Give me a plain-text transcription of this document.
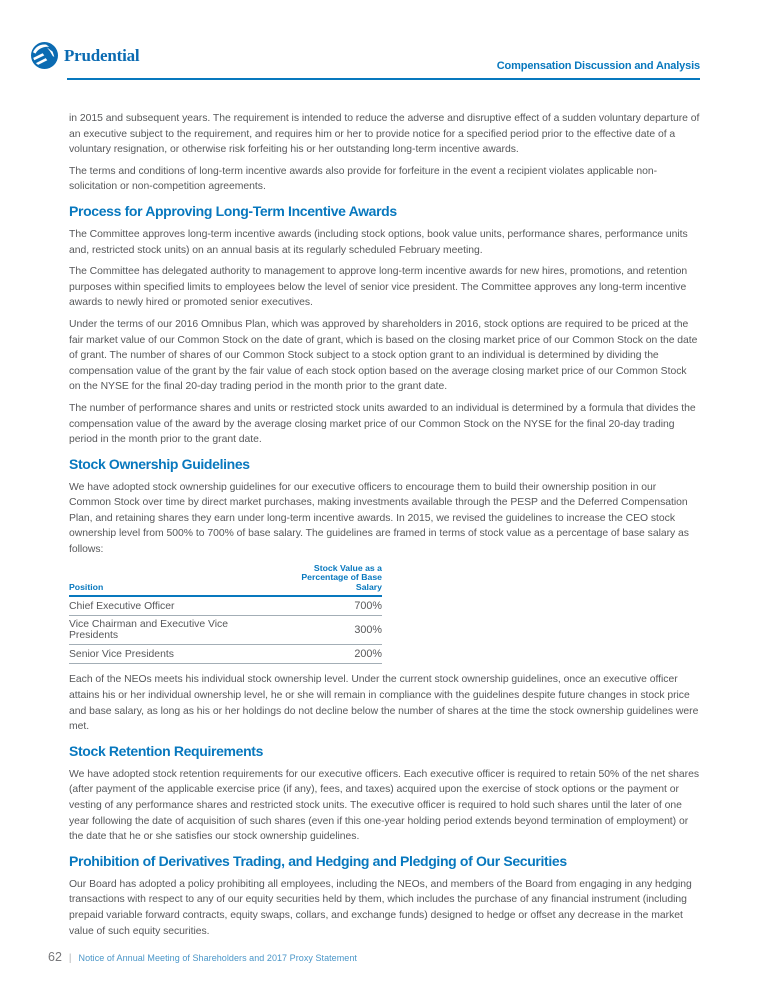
Prudential
Compensation Discussion and Analysis

in 2015 and subsequent years. The requirement is intended to reduce the adverse and disruptive effect of a sudden voluntary departure of an executive subject to the requirement, and requires him or her to provide notice for a specified period prior to the effective date of a voluntary resignation, or otherwise risk forfeiting his or her outstanding long-term incentive awards.

The terms and conditions of long-term incentive awards also provide for forfeiture in the event a recipient violates applicable non-solicitation or non-competition agreements.

Process for Approving Long-Term Incentive Awards

The Committee approves long-term incentive awards (including stock options, book value units, performance shares, performance units and, restricted stock units) on an annual basis at its regularly scheduled February meeting.

The Committee has delegated authority to management to approve long-term incentive awards for new hires, promotions, and retention purposes within specified limits to employees below the level of senior vice president. The Committee approves any long-term incentive awards to newly hired or promoted senior executives.

Under the terms of our 2016 Omnibus Plan, which was approved by shareholders in 2016, stock options are required to be priced at the fair market value of our Common Stock on the date of grant, which is based on the closing market price of our Common Stock on the date of grant. The number of shares of our Common Stock subject to a stock option grant to an individual is determined by dividing the compensation value of the grant by the fair value of each stock option based on the average closing market price of our Common Stock on the NYSE for the final 20-day trading period in the month prior to the grant date.

The number of performance shares and units or restricted stock units awarded to an individual is determined by a formula that divides the compensation value of the award by the average closing market price of our Common Stock on the NYSE for the final 20-day trading period in the month prior to the grant date.

Stock Ownership Guidelines

We have adopted stock ownership guidelines for our executive officers to encourage them to build their ownership position in our Common Stock over time by direct market purchases, making investments available through the PESP and the Deferred Compensation Plan, and retaining shares they earn under long-term incentive awards. In 2015, we revised the guidelines to increase the CEO stock ownership level from 500% to 700% of base salary. The guidelines are framed in terms of stock value as a percentage of base salary as follows:

Position	Stock Value as a
Percentage of Base Salary

Chief Executive Officer	700%
Vice Chairman and Executive Vice Presidents	300%
Senior Vice Presidents	200%

Each of the NEOs meets his individual stock ownership level. Under the current stock ownership guidelines, once an executive officer attains his or her individual ownership level, he or she will remain in compliance with the guidelines despite future changes in stock price and base salary, as long as his or her holdings do not decline below the number of shares at the time the stock ownership guidelines were met.

Stock Retention Requirements

We have adopted stock retention requirements for our executive officers. Each executive officer is required to retain 50% of the net shares (after payment of the applicable exercise price (if any), fees, and taxes) acquired upon the exercise of stock options or the payment or vesting of any performance shares and restricted stock units. The executive officer is required to hold such shares until the later of one year following the date of acquisition of such shares (even if this one-year holding period extends beyond termination of employment) or the date that he or she satisfies our stock ownership guidelines.

Prohibition of Derivatives Trading, and Hedging and Pledging of Our Securities

Our Board has adopted a policy prohibiting all employees, including the NEOs, and members of the Board from engaging in any hedging transactions with respect to any of our equity securities held by them, which includes the purchase of any financial instrument (including prepaid variable forward contracts, equity swaps, collars, and exchange funds) designed to hedge or offset any decrease in the market value of such equity securities.

62 | Notice of Annual Meeting of Shareholders and 2017 Proxy Statement
